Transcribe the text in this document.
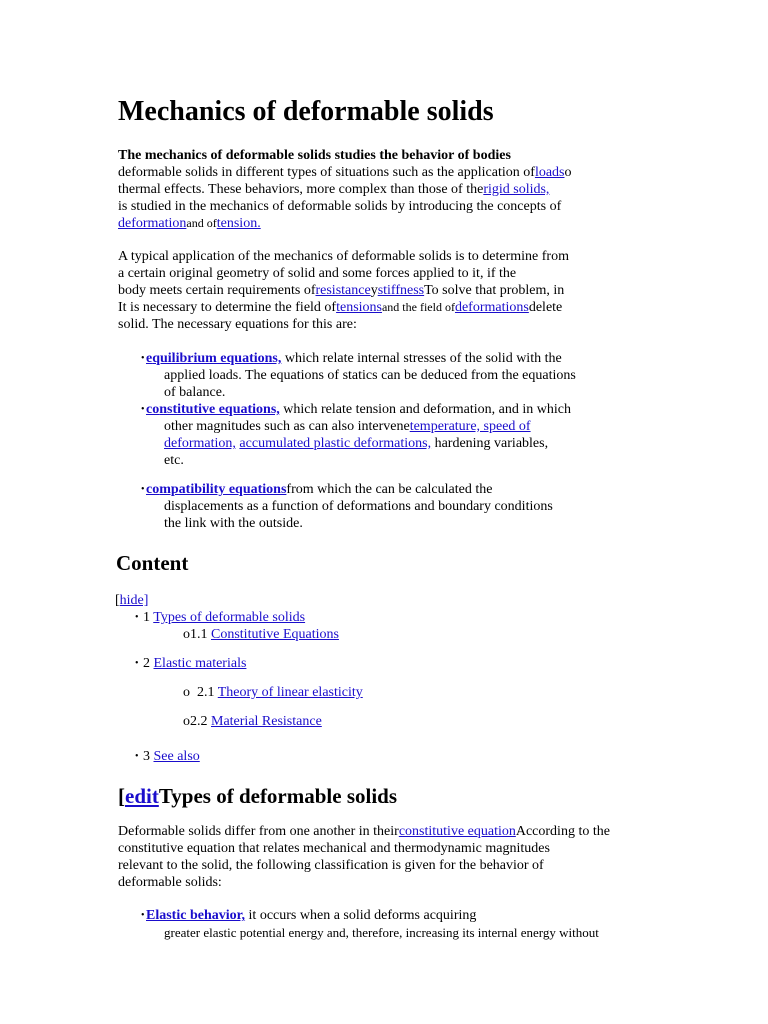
Mechanics of deformable solids
The mechanics of deformable solids studies the behavior of bodies
deformable solids in different types of situations such as the application ofloadso
thermal effects. These behaviors, more complex than those of therigid solids,
is studied in the mechanics of deformable solids by introducing the concepts of
deformationand oftension.
A typical application of the mechanics of deformable solids is to determine from
a certain original geometry of solid and some forces applied to it, if the
body meets certain requirements ofresistanceystiffnessTo solve that problem, in
It is necessary to determine the field oftensionsand the field ofdeformationsdelete
solid. The necessary equations for this are:
• equilibrium equations, which relate internal stresses of the solid with the
applied loads. The equations of statics can be deduced from the equations
of balance.
• constitutive equations, which relate tension and deformation, and in which
other magnitudes such as can also intervenetemperature, speed of
deformation, accumulated plastic deformations, hardening variables,
etc.
• compatibility equationsfrom which the can be calculated the
displacements as a function of deformations and boundary conditions
the link with the outside.
Content
[hide]
• 1 Types of deformable solids
o1.1 Constitutive Equations
• 2 Elastic materials
o 2.1 Theory of linear elasticity
o2.2 Material Resistance
• 3 See also
[editTypes of deformable solids
Deformable solids differ from one another in theirconstitutive equationAccording to the
constitutive equation that relates mechanical and thermodynamic magnitudes
relevant to the solid, the following classification is given for the behavior of
deformable solids:
• Elastic behavior, it occurs when a solid deforms acquiring
greater elastic potential energy and, therefore, increasing its internal energy without
